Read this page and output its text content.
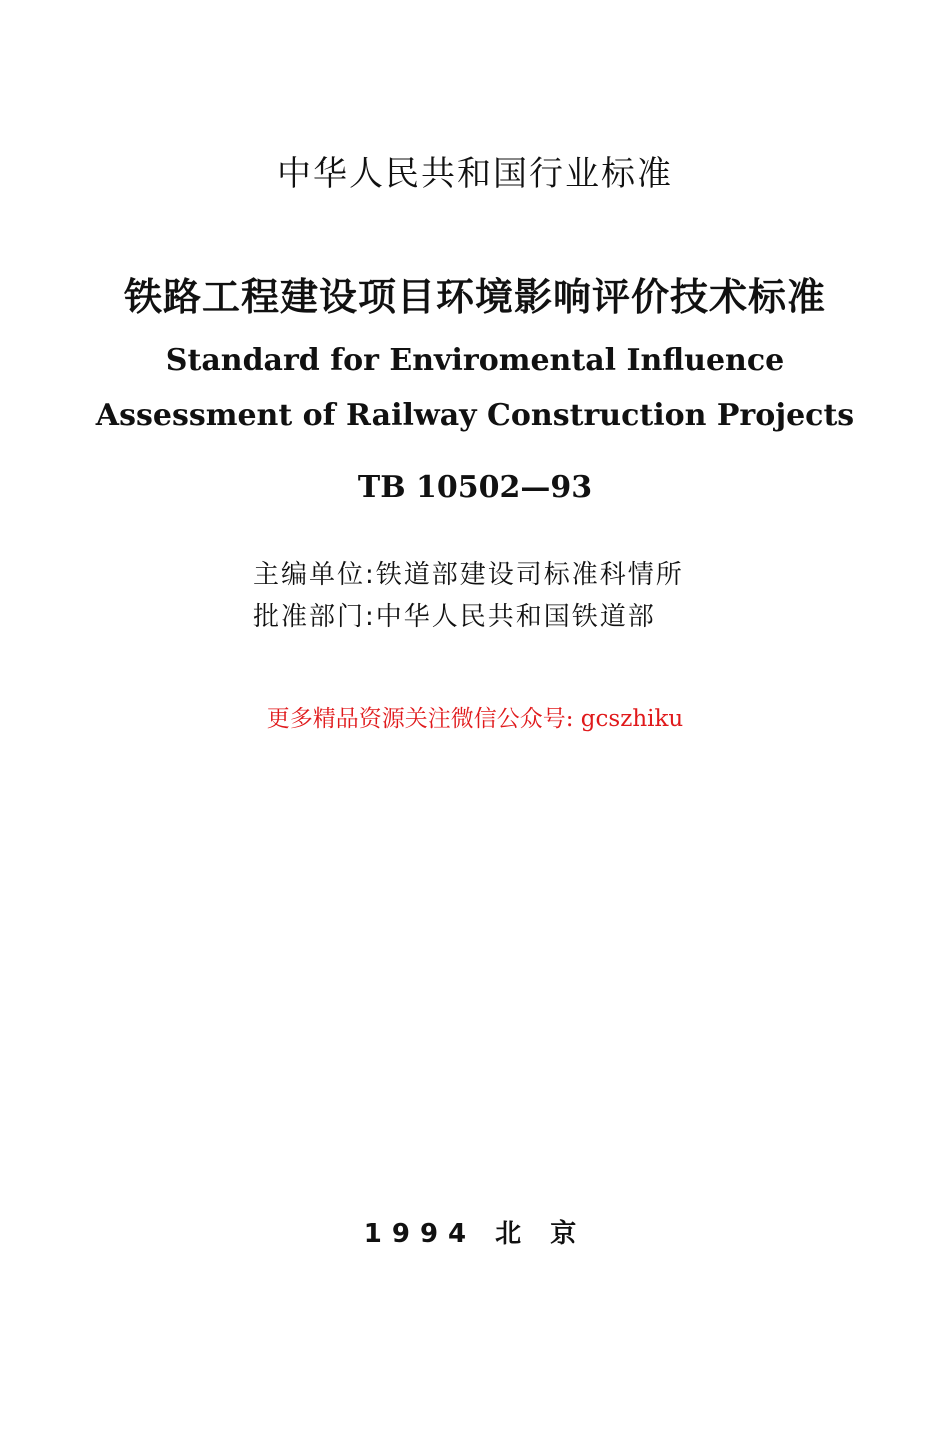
中华人民共和国行业标准
铁路工程建设项目环境影响评价技术标准
Standard for Enviromental Influence
Assessment of Railway Construction Projects
TB 10502—93
主编单位:铁道部建设司标准科情所
批准部门:中华人民共和国铁道部
更多精品资源关注微信公众号: gcszhiku
1994 北 京
